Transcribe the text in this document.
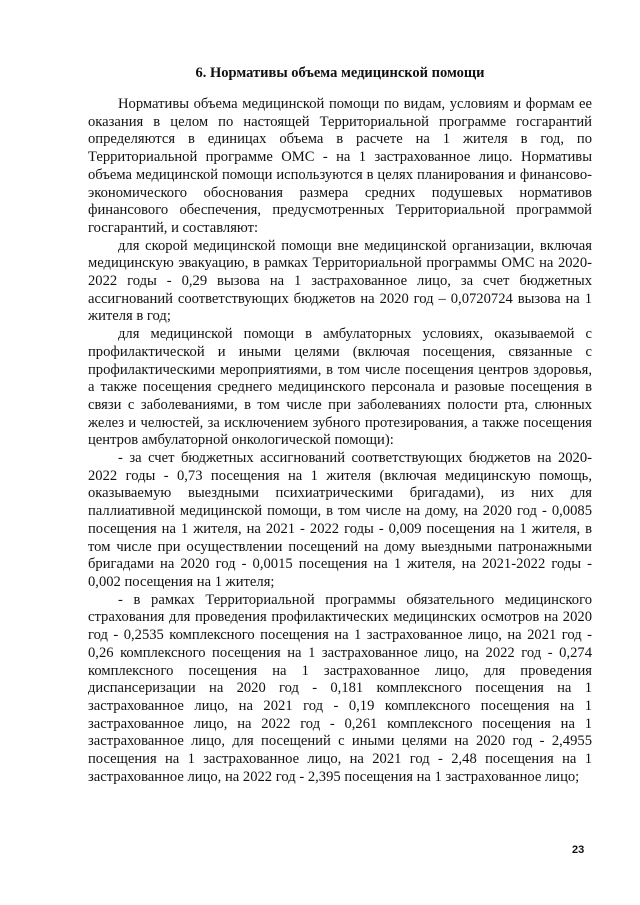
6. Нормативы объема медицинской помощи

Нормативы объема медицинской помощи по видам, условиям и формам ее оказания в целом по настоящей Территориальной программе госгарантий определяются в единицах объема в расчете на 1 жителя в год, по Территориальной программе ОМС - на 1 застрахованное лицо. Нормативы объема медицинской помощи используются в целях планирования и финансово-экономического обоснования размера средних подушевых нормативов финансового обеспечения, предусмотренных Территориальной программой госгарантий, и составляют:

для скорой медицинской помощи вне медицинской организации, включая медицинскую эвакуацию, в рамках Территориальной программы ОМС на 2020-2022 годы - 0,29 вызова на 1 застрахованное лицо, за счет бюджетных ассигнований соответствующих бюджетов на 2020 год – 0,0720724 вызова на 1 жителя в год;

для медицинской помощи в амбулаторных условиях, оказываемой с профилактической и иными целями (включая посещения, связанные с профилактическими мероприятиями, в том числе посещения центров здоровья, а также посещения среднего медицинского персонала и разовые посещения в связи с заболеваниями, в том числе при заболеваниях полости рта, слюнных желез и челюстей, за исключением зубного протезирования, а также посещения центров амбулаторной онкологической помощи):

- за счет бюджетных ассигнований соответствующих бюджетов на 2020-2022 годы - 0,73 посещения на 1 жителя (включая медицинскую помощь, оказываемую выездными психиатрическими бригадами), из них для паллиативной медицинской помощи, в том числе на дому, на 2020 год - 0,0085 посещения на 1 жителя, на 2021 - 2022 годы - 0,009 посещения на 1 жителя, в том числе при осуществлении посещений на дому выездными патронажными бригадами на 2020 год - 0,0015 посещения на 1 жителя, на 2021-2022 годы - 0,002 посещения на 1 жителя;

- в рамках Территориальной программы обязательного медицинского страхования для проведения профилактических медицинских осмотров на 2020 год - 0,2535 комплексного посещения на 1 застрахованное лицо, на 2021 год - 0,26 комплексного посещения на 1 застрахованное лицо, на 2022 год - 0,274 комплексного посещения на 1 застрахованное лицо, для проведения диспансеризации на 2020 год - 0,181 комплексного посещения на 1 застрахованное лицо, на 2021 год - 0,19 комплексного посещения на 1 застрахованное лицо, на 2022 год - 0,261 комплексного посещения на 1 застрахованное лицо, для посещений с иными целями на 2020 год - 2,4955 посещения на 1 застрахованное лицо, на 2021 год - 2,48 посещения на 1 застрахованное лицо, на 2022 год - 2,395 посещения на 1 застрахованное лицо;

23
